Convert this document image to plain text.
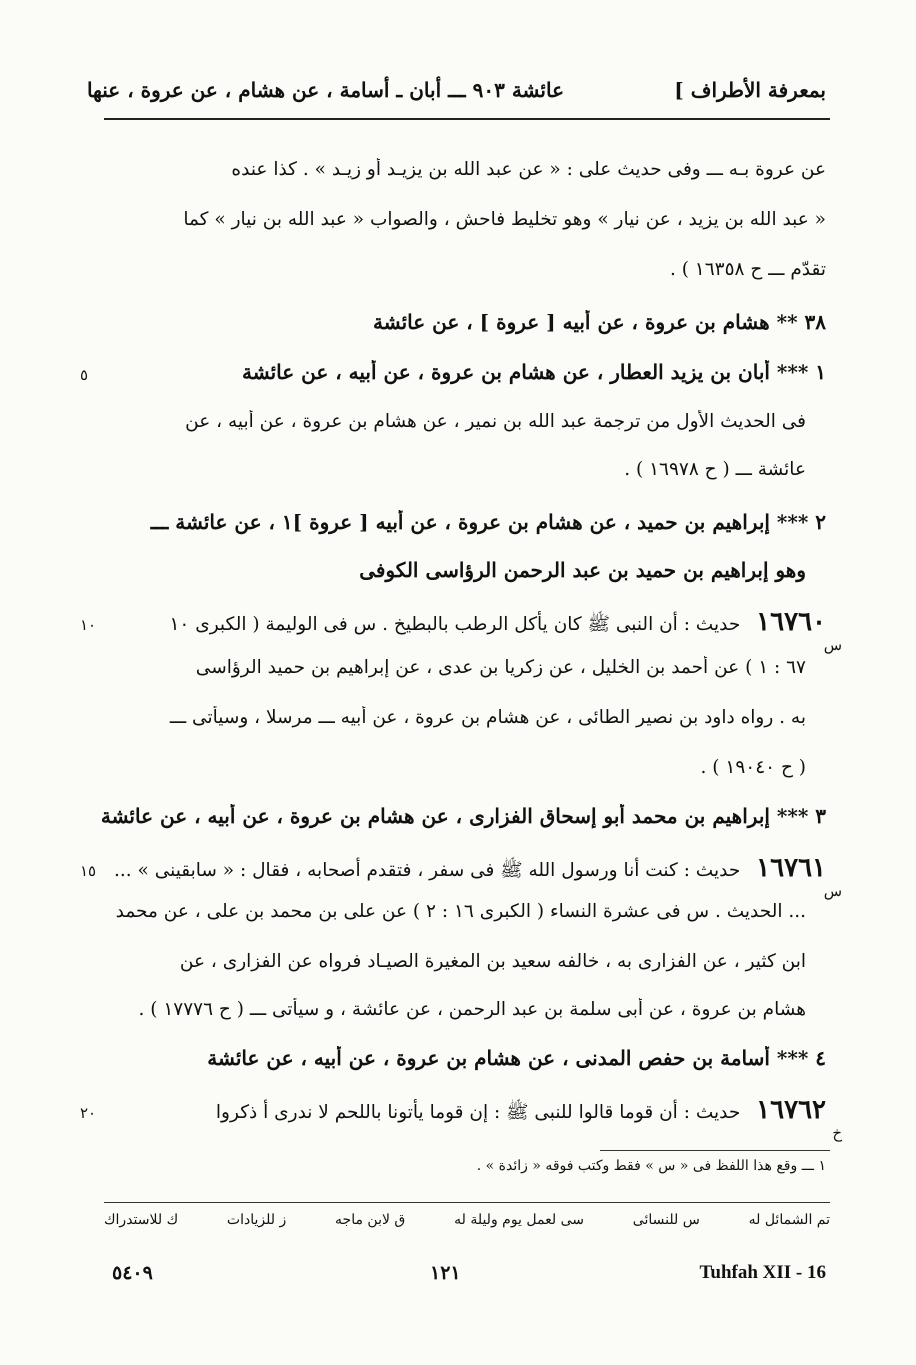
بمعرفة الأطراف ]
عائشة ٩٠٣ ـــ أبان ـ أسامة ، عن هشام ، عن عروة ، عنها
عن عروة بـه ـــ وفى حديث على : « عن عبد الله بن يزيـد أو زيـد » . كذا عنده
« عبد الله بن يزيد ، عن نيار » وهو تخليط فاحش ، والصواب « عبد الله بن نيار » كما
تقدّم ـــ ح ١٦٣٥٨ ) .
٣٨ ** هشام بن عروة ، عن أبيه [ عروة ] ، عن عائشة
١ *** أبان بن يزيد العطار ، عن هشام بن عروة ، عن أبيه ، عن عائشة
٥
فى الحديث الأول من ترجمة عبد الله بن نمير ، عن هشام بن عروة ، عن أبيه ، عن
عائشة ـــ ( ح ١٦٩٧٨ ) .
٢ *** إبراهيم بن حميد ، عن هشام بن عروة ، عن أبيه [ عروة ]١ ، عن عائشة ـــ
وهو إبراهيم بن حميد بن عبد الرحمن الرؤاسى الكوفى
١٦٧٦٠ حديث : أن النبى ﷺ كان يأكل الرطب بالبطيخ . س فى الوليمة ( الكبرى ١٠
١٠
س
٦٧ : ١ ) عن أحمد بن الخليل ، عن زكريا بن عدى ، عن إبراهيم بن حميد الرؤاسى
به . رواه داود بن نصير الطائى ، عن هشام بن عروة ، عن أبيه ـــ مرسلا ، وسيأتى ـــ
( ح ١٩٠٤٠ ) .
٣ *** إبراهيم بن محمد أبو إسحاق الفزارى ، عن هشام بن عروة ، عن أبيه ، عن عائشة
١٦٧٦١ حديث : كنت أنا ورسول الله ﷺ فى سفر ، فتقدم أصحابه ، فقال : « سابقينى » ...
١٥
س
... الحديث . س فى عشرة النساء ( الكبرى ١٦ : ٢ ) عن على بن محمد بن على ، عن محمد
ابن كثير ، عن الفزارى به ، خالفه سعيد بن المغيرة الصيـاد فرواه عن الفزارى ، عن
هشام بن عروة ، عن أبى سلمة بن عبد الرحمن ، عن عائشة ، و سيأتى ـــ ( ح ١٧٧٧٦ ) .
٤ *** أسامة بن حفص المدنى ، عن هشام بن عروة ، عن أبيه ، عن عائشة
١٦٧٦٢ حديث : أن قوما قالوا للنبى ﷺ : إن قوما يأتونا باللحم لا ندرى أ ذكروا
٢٠
خ
١ ـــ وقع هذا اللفظ فى « س » فقط وكتب فوقه « زائدة » .
تم الشمائل له
س للنسائى
سى لعمل يوم وليلة له
ق لابن ماجه
ز للزيادات
ك للاستدراك
٥٤٠٩	١٢١	Tuhfah XII - 16
